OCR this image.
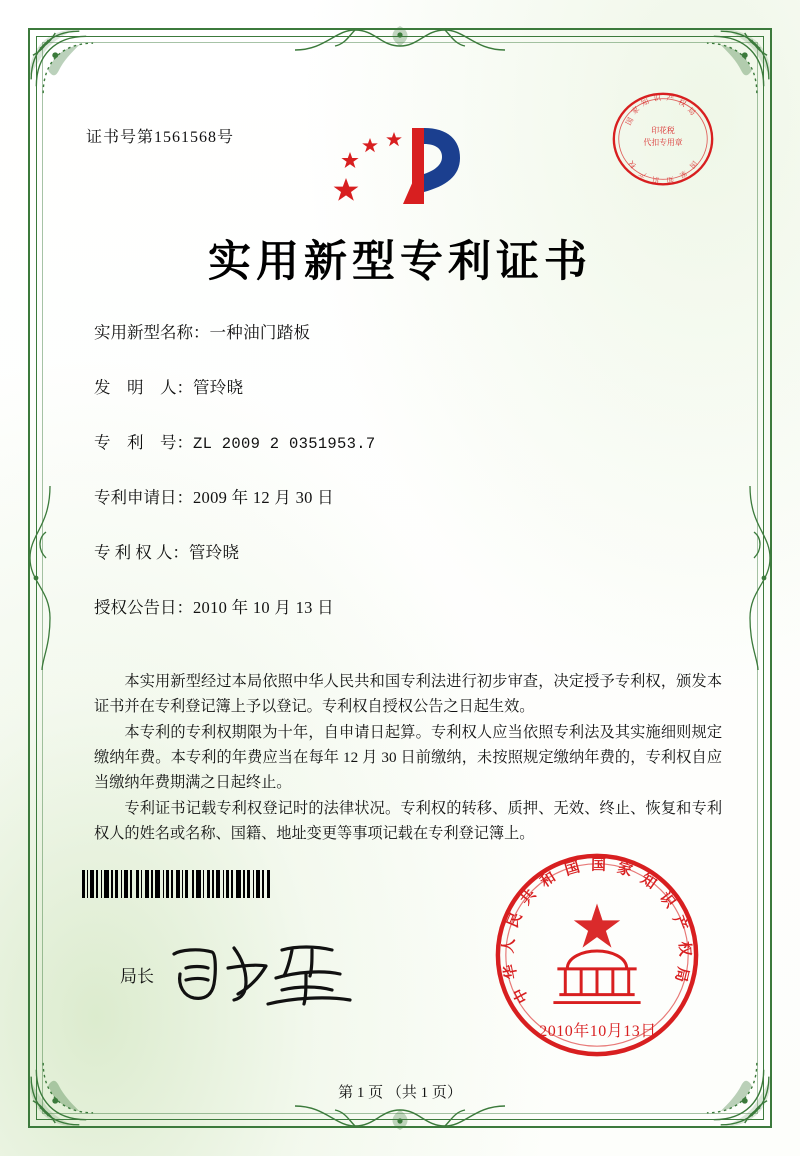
证书号第1561568号	印花税
代扣专用章
国
家
知 识 产 权
局
国
家
知
识
产
权
实用新型专利证书
实用新型名称：一种油门踏板
发　明　人：管玲晓
专　利　号：ZL 2009 2 0351953.7
专利申请日：2009 年 12 月 30 日
专 利 权 人：管玲晓
授权公告日：2010 年 10 月 13 日

本实用新型经过本局依照中华人民共和国专利法进行初步审查，决定授予专利权，颁发本证书并在专利登记簿上予以登记。专利权自授权公告之日起生效。

本专利的专利权期限为十年，自申请日起算。专利权人应当依照专利法及其实施细则规定缴纳年费。本专利的年费应当在每年 12 月 30 日前缴纳，未按照规定缴纳年费的，专利权自应当缴纳年费期满之日起终止。

专利证书记载专利权登记时的法律状况。专利权的转移、质押、无效、终止、恢复和专利权人的姓名或名称、国籍、地址变更等事项记载在专利登记簿上。

局长
中
华
人
民
共
和 国 国 家
知
识
产
权
局
2010年10月13日
第 1 页 （共 1 页）
